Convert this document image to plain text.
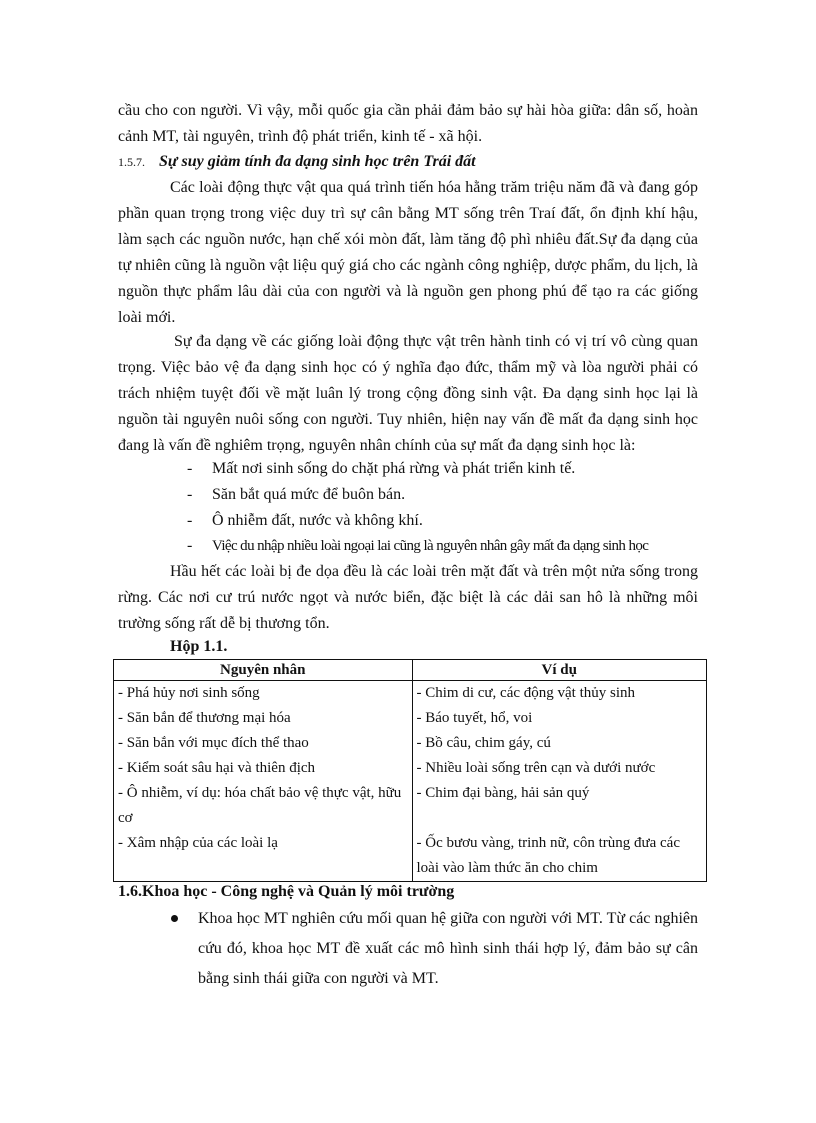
cầu cho con người. Vì vậy, mỗi quốc gia cần phải đảm bảo sự hài hòa giữa: dân số, hoàn cảnh MT, tài nguyên, trình độ phát triển, kinh tế - xã hội.

1.5.7. Sự suy giảm tính đa dạng sinh học trên Trái đất

Các loài động thực vật qua quá trình tiến hóa hằng trăm triệu năm đã và đang góp phần quan trọng trong việc duy trì sự cân bằng MT sống trên Traí đất, ổn định khí hậu, làm sạch các nguồn nước, hạn chế xói mòn đất, làm tăng độ phì nhiêu đất.Sự đa dạng của tự nhiên cũng là nguồn vật liệu quý giá cho các ngành công nghiệp, dược phẩm, du lịch, là nguồn thực phẩm lâu dài của con người và là nguồn gen phong phú để tạo ra các giống loài mới.

Sự đa dạng về các giống loài động thực vật trên hành tinh có vị trí vô cùng quan trọng. Việc bảo vệ đa dạng sinh học có ý nghĩa đạo đức, thẩm mỹ và lòa người phải có trách nhiệm tuyệt đối về mặt luân lý trong cộng đồng sinh vật. Đa dạng sinh học lại là nguồn tài nguyên nuôi sống con người. Tuy nhiên, hiện nay vấn đề mất đa dạng sinh học đang là vấn đề nghiêm trọng, nguyên nhân chính của sự mất đa dạng sinh học là:

- Mất nơi sinh sống do chặt phá rừng và phát triển kinh tế.
- Săn bắt quá mức để buôn bán.
- Ô nhiễm đất, nước và không khí.
- Việc du nhập nhiều loài ngoại lai cũng là nguyên nhân gây mất đa dạng sinh học

Hầu hết các loài bị đe dọa đều là các loài trên mặt đất và trên một nửa sống trong rừng. Các nơi cư trú nước ngọt và nước biển, đặc biệt là các dải san hô là những môi trường sống rất dễ bị thương tổn.

Hộp 1.1.
Nguyên nhân	Ví dụ
- Phá hủy nơi sinh sống	- Chim di cư, các động vật thủy sinh
- Săn bắn để thương mại hóa	- Báo tuyết, hổ, voi
- Săn bắn với mục đích thể thao	- Bồ câu, chim gáy, cú
- Kiểm soát sâu hại và thiên địch	- Nhiều loài sống trên cạn và dưới nước
- Ô nhiễm, ví dụ: hóa chất bảo vệ thực vật, hữu cơ	- Chim đại bàng, hải sản quý
- Xâm nhập của các loài lạ	- Ốc bươu vàng, trinh nữ, côn trùng đưa các loài vào làm thức ăn cho chim
1.6.Khoa học - Công nghệ và Quản lý môi trường
Khoa học MT nghiên cứu mối quan hệ giữa con người với MT. Từ các nghiên cứu đó, khoa học MT đề xuất các mô hình sinh thái hợp lý, đảm bảo sự cân bằng sinh thái giữa con người và MT.
